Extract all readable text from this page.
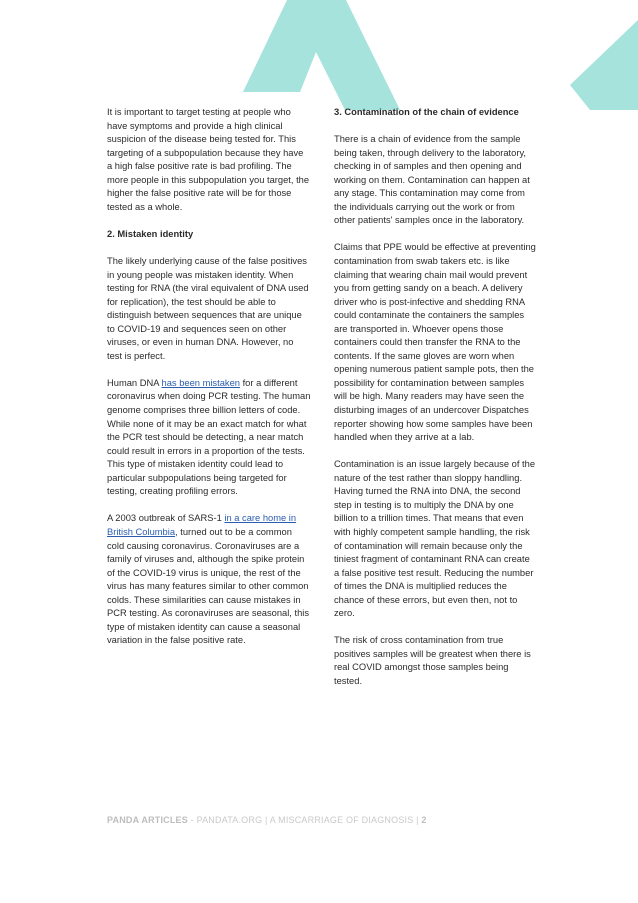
It is important to target testing at people who have symptoms and provide a high clinical suspicion of the disease being tested for. This targeting of a subpopulation because they have a high false positive rate is bad profiling. The more people in this subpopulation you target, the higher the false positive rate will be for those tested as a whole.

2. Mistaken identity

The likely underlying cause of the false positives in young people was mistaken identity. When testing for RNA (the viral equivalent of DNA used for replication), the test should be able to distinguish between sequences that are unique to COVID-19 and sequences seen on other viruses, or even in human DNA. However, no test is perfect.

Human DNA has been mistaken for a different coronavirus when doing PCR testing. The human genome comprises three billion letters of code. While none of it may be an exact match for what the PCR test should be detecting, a near match could result in errors in a proportion of the tests. This type of mistaken identity could lead to particular subpopulations being targeted for testing, creating profiling errors.

A 2003 outbreak of SARS-1 in a care home in British Columbia, turned out to be a common cold causing coronavirus. Coronaviruses are a family of viruses and, although the spike protein of the COVID-19 virus is unique, the rest of the virus has many features similar to other common colds. These similarities can cause mistakes in PCR testing. As coronaviruses are seasonal, this type of mistaken identity can cause a seasonal variation in the false positive rate.

3. Contamination of the chain of evidence

There is a chain of evidence from the sample being taken, through delivery to the laboratory, checking in of samples and then opening and working on them. Contamination can happen at any stage. This contamination may come from the individuals carrying out the work or from other patients' samples once in the laboratory.

Claims that PPE would be effective at preventing contamination from swab takers etc. is like claiming that wearing chain mail would prevent you from getting sandy on a beach. A delivery driver who is post-infective and shedding RNA could contaminate the containers the samples are transported in. Whoever opens those containers could then transfer the RNA to the contents. If the same gloves are worn when opening numerous patient sample pots, then the possibility for contamination between samples will be high. Many readers may have seen the disturbing images of an undercover Dispatches reporter showing how some samples have been handled when they arrive at a lab.

Contamination is an issue largely because of the nature of the test rather than sloppy handling. Having turned the RNA into DNA, the second step in testing is to multiply the DNA by one billion to a trillion times. That means that even with highly competent sample handling, the risk of contamination will remain because only the tiniest fragment of contaminant RNA can create a false positive test result. Reducing the number of times the DNA is multiplied reduces the chance of these errors, but even then, not to zero.

The risk of cross contamination from true positives samples will be greatest when there is real COVID amongst those samples being tested.

PANDA ARTICLES - PANDATA.ORG | A MISCARRIAGE OF DIAGNOSIS | 2
